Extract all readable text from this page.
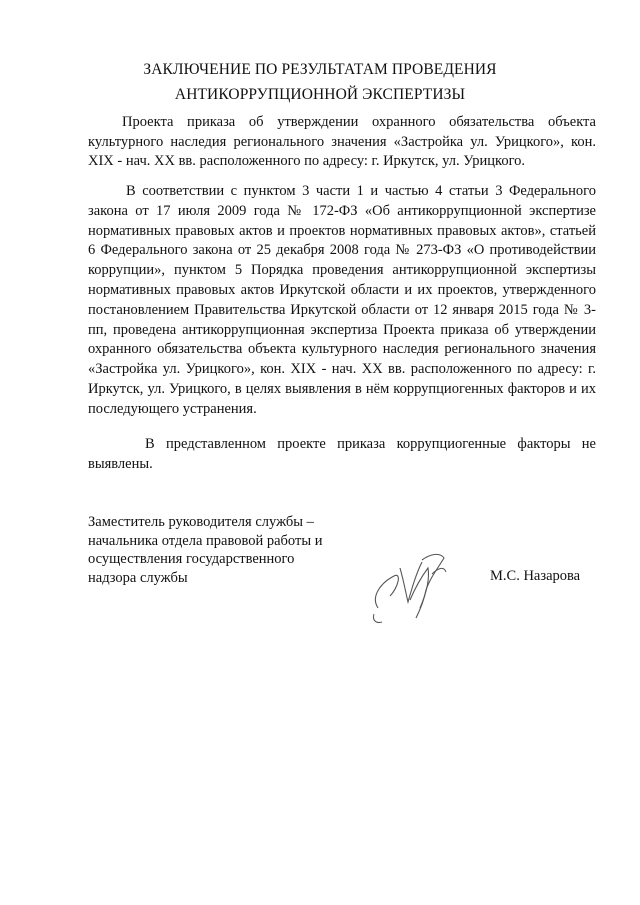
ЗАКЛЮЧЕНИЕ ПО РЕЗУЛЬТАТАМ ПРОВЕДЕНИЯ
АНТИКОРРУПЦИОННОЙ ЭКСПЕРТИЗЫ
Проекта приказа об утверждении охранного обязательства объекта культурного наследия регионального значения «Застройка ул. Урицкого», кон. XIX - нач. XX вв. расположенного по адресу: г. Иркутск, ул. Урицкого.
В соответствии с пунктом 3 части 1 и частью 4 статьи 3 Федерального закона от 17 июля 2009 года № 172-ФЗ «Об антикоррупционной экспертизе нормативных правовых актов и проектов нормативных правовых актов», статьей 6 Федерального закона от 25 декабря 2008 года № 273-ФЗ «О противодействии коррупции», пунктом 5 Порядка проведения антикоррупционной экспертизы нормативных правовых актов Иркутской области и их проектов, утвержденного постановлением Правительства Иркутской области от 12 января 2015 года № 3-пп, проведена антикоррупционная экспертиза Проекта приказа об утверждении охранного обязательства объекта культурного наследия регионального значения «Застройка ул. Урицкого», кон. XIX - нач. XX вв. расположенного по адресу: г. Иркутск, ул. Урицкого, в целях выявления в нём коррупциогенных факторов и их последующего устранения.
В представленном проекте приказа коррупциогенные факторы не выявлены.
Заместитель руководителя службы –
начальника отдела правовой работы и
осуществления государственного
надзора службы	М.С. Назарова
